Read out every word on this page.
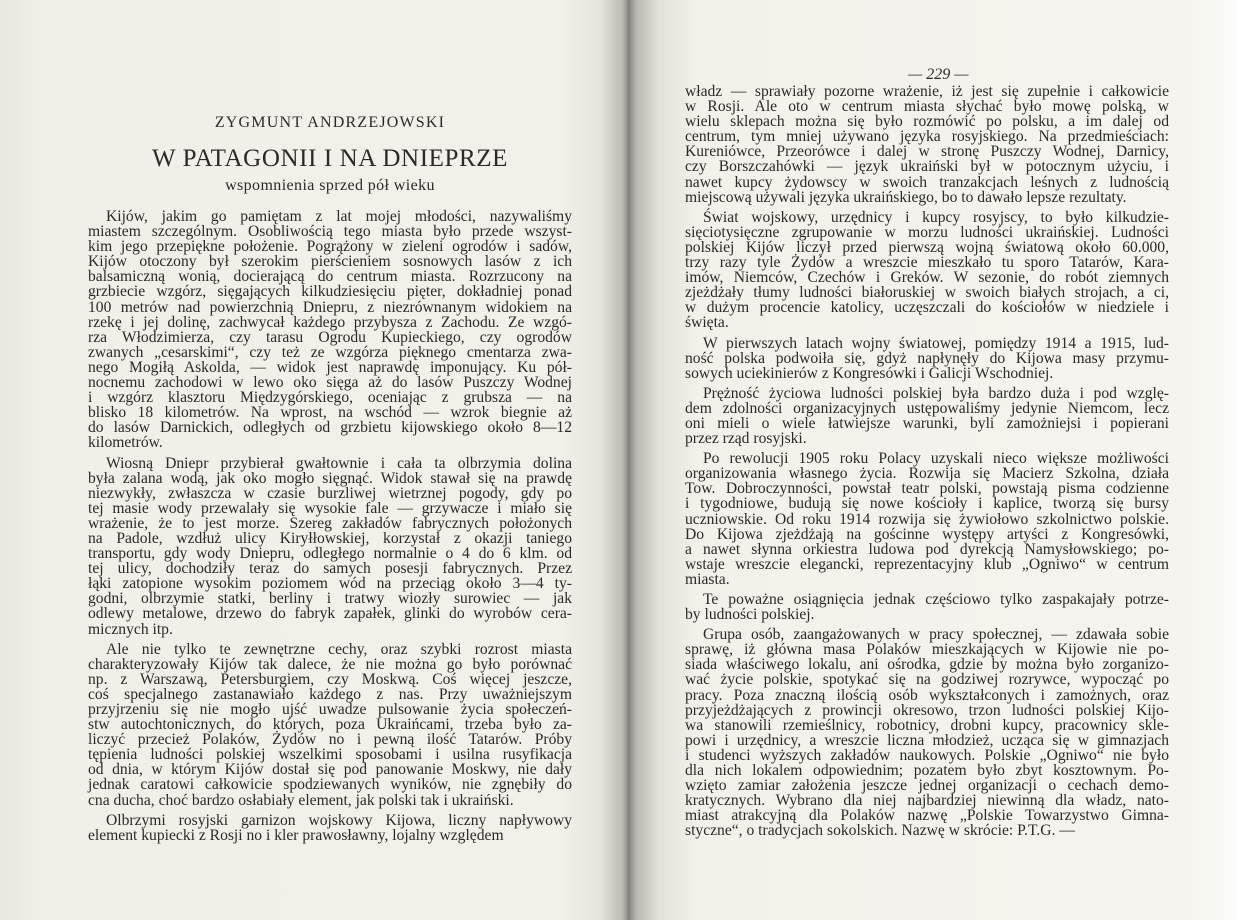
ZYGMUNT ANDRZEJOWSKI
W PATAGONII I NA DNIEPRZE
wspomnienia sprzed pół wieku
Kijów, jakim go pamiętam z lat mojej młodości, nazywaliśmy
miastem szczególnym. Osobliwością tego miasta było przede wszyst-
kim jego przepiękne położenie. Pogrążony w zieleni ogrodów i sadów,
Kijów otoczony był szerokim pierścieniem sosnowych lasów z ich
balsamiczną wonią, docierającą do centrum miasta. Rozrzucony na
grzbiecie wzgórz, sięgających kilkudziesięciu pięter, dokładniej ponad
100 metrów nad powierzchnią Dniepru, z niezrównanym widokiem na
rzekę i jej dolinę, zachwycał każdego przybysza z Zachodu. Ze wzgó-
rza Włodzimierza, czy tarasu Ogrodu Kupieckiego, czy ogrodów
zwanych „cesarskimi“, czy też ze wzgórza pięknego cmentarza zwa-
nego Mogiłą Askolda, — widok jest naprawdę imponujący. Ku pół-
nocnemu zachodowi w lewo oko sięga aż do lasów Puszczy Wodnej
i wzgórz klasztoru Międzygórskiego, oceniając z grubsza — na
blisko 18 kilometrów. Na wprost, na wschód — wzrok biegnie aż
do lasów Darnickich, odległych od grzbietu kijowskiego około 8—12
kilometrów.
Wiosną Dniepr przybierał gwałtownie i cała ta olbrzymia dolina
była zalana wodą, jak oko mogło sięgnąć. Widok stawał się na prawdę
niezwykły, zwłaszcza w czasie burzliwej wietrznej pogody, gdy po
tej masie wody przewalały się wysokie fale — grzywacze i miało się
wrażenie, że to jest morze. Szereg zakładów fabrycznych położonych
na Padole, wzdłuż ulicy Kiryłłowskiej, korzystał z okazji taniego
transportu, gdy wody Dniepru, odległego normalnie o 4 do 6 klm. od
tej ulicy, dochodziły teraz do samych posesji fabrycznych. Przez
łąki zatopione wysokim poziomem wód na przeciąg około 3—4 ty-
godni, olbrzymie statki, berliny i tratwy wiozły surowiec — jak
odlewy metalowe, drzewo do fabryk zapałek, glinki do wyrobów cera-
micznych itp.
Ale nie tylko te zewnętrzne cechy, oraz szybki rozrost miasta
charakteryzowały Kijów tak dalece, że nie można go było porównać
np. z Warszawą, Petersburgiem, czy Moskwą. Coś więcej jeszcze,
coś specjalnego zastanawiało każdego z nas. Przy uważniejszym
przyjrzeniu się nie mogło ujść uwadze pulsowanie życia społeczeń-
stw autochtonicznych, do których, poza Ukraińcami, trzeba było za-
liczyć przecież Polaków, Żydów no i pewną ilość Tatarów. Próby
tępienia ludności polskiej wszelkimi sposobami i usilna rusyfikacja
od dnia, w którym Kijów dostał się pod panowanie Moskwy, nie dały
jednak caratowi całkowicie spodziewanych wyników, nie zgnębiły do
cna ducha, choć bardzo osłabiały element, jak polski tak i ukraiński.
Olbrzymi rosyjski garnizon wojskowy Kijowa, liczny napływowy
element kupiecki z Rosji no i kler prawosławny, lojalny względem
— 229 —
władz — sprawiały pozorne wrażenie, iż jest się zupełnie i całkowicie
w Rosji. Ale oto w centrum miasta słychać było mowę polską, w
wielu sklepach można się było rozmówić po polsku, a im dalej od
centrum, tym mniej używano języka rosyjskiego. Na przedmieściach:
Kureniówce, Przeorówce i dalej w stronę Puszczy Wodnej, Darnicy,
czy Borszczahówki — język ukraiński był w potocznym użyciu, i
nawet kupcy żydowscy w swoich tranzakcjach leśnych z ludnością
miejscową używali języka ukraińskiego, bo to dawało lepsze rezultaty.
Świat wojskowy, urzędnicy i kupcy rosyjscy, to było kilkudzie-
sięciotysięczne zgrupowanie w morzu ludności ukraińskiej. Ludności
polskiej Kijów liczył przed pierwszą wojną światową około 60.000,
trzy razy tyle Żydów a wreszcie mieszkało tu sporo Tatarów, Kara-
imów, Niemców, Czechów i Greków. W sezonie, do robót ziemnych
zjeżdżały tłumy ludności białoruskiej w swoich białych strojach, a ci,
w dużym procencie katolicy, uczęszczali do kościołów w niedziele i
święta.
W pierwszych latach wojny światowej, pomiędzy 1914 a 1915, lud-
ność polska podwoiła się, gdyż napłynęły do Kijowa masy przymu-
sowych uciekinierów z Kongresówki i Galicji Wschodniej.
Prężność życiowa ludności polskiej była bardzo duża i pod wzglę-
dem zdolności organizacyjnych ustępowaliśmy jedynie Niemcom, lecz
oni mieli o wiele łatwiejsze warunki, byli zamożniejsi i popierani
przez rząd rosyjski.
Po rewolucji 1905 roku Polacy uzyskali nieco większe możliwości
organizowania własnego życia. Rozwija się Macierz Szkolna, działa
Tow. Dobroczynności, powstał teatr polski, powstają pisma codzienne
i tygodniowe, budują się nowe kościoły i kaplice, tworzą się bursy
uczniowskie. Od roku 1914 rozwija się żywiołowo szkolnictwo polskie.
Do Kijowa zjeżdżają na gościnne występy artyści z Kongresówki,
a nawet słynna orkiestra ludowa pod dyrekcją Namysłowskiego; po-
wstaje wreszcie elegancki, reprezentacyjny klub „Ogniwo“ w centrum
miasta.
Te poważne osiągnięcia jednak częściowo tylko zaspakajały potrze-
by ludności polskiej.
Grupa osób, zaangażowanych w pracy społecznej, — zdawała sobie
sprawę, iż główna masa Polaków mieszkających w Kijowie nie po-
siada właściwego lokalu, ani ośrodka, gdzie by można było zorganizo-
wać życie polskie, spotykać się na godziwej rozrywce, wypocząć po
pracy. Poza znaczną ilością osób wykształconych i zamożnych, oraz
przyjeżdżających z prowincji okresowo, trzon ludności polskiej Kijo-
wa stanowili rzemieślnicy, robotnicy, drobni kupcy, pracownicy skle-
powi i urzędnicy, a wreszcie liczna młodzież, ucząca się w gimnazjach
i studenci wyższych zakładów naukowych. Polskie „Ogniwo“ nie było
dla nich lokalem odpowiednim; pozatem było zbyt kosztownym. Po-
wzięto zamiar założenia jeszcze jednej organizacji o cechach demo-
kratycznych. Wybrano dla niej najbardziej niewinną dla władz, nato-
miast atrakcyjną dla Polaków nazwę „Polskie Towarzystwo Gimna-
styczne“, o tradycjach sokolskich. Nazwę w skrócie: P.T.G. —
